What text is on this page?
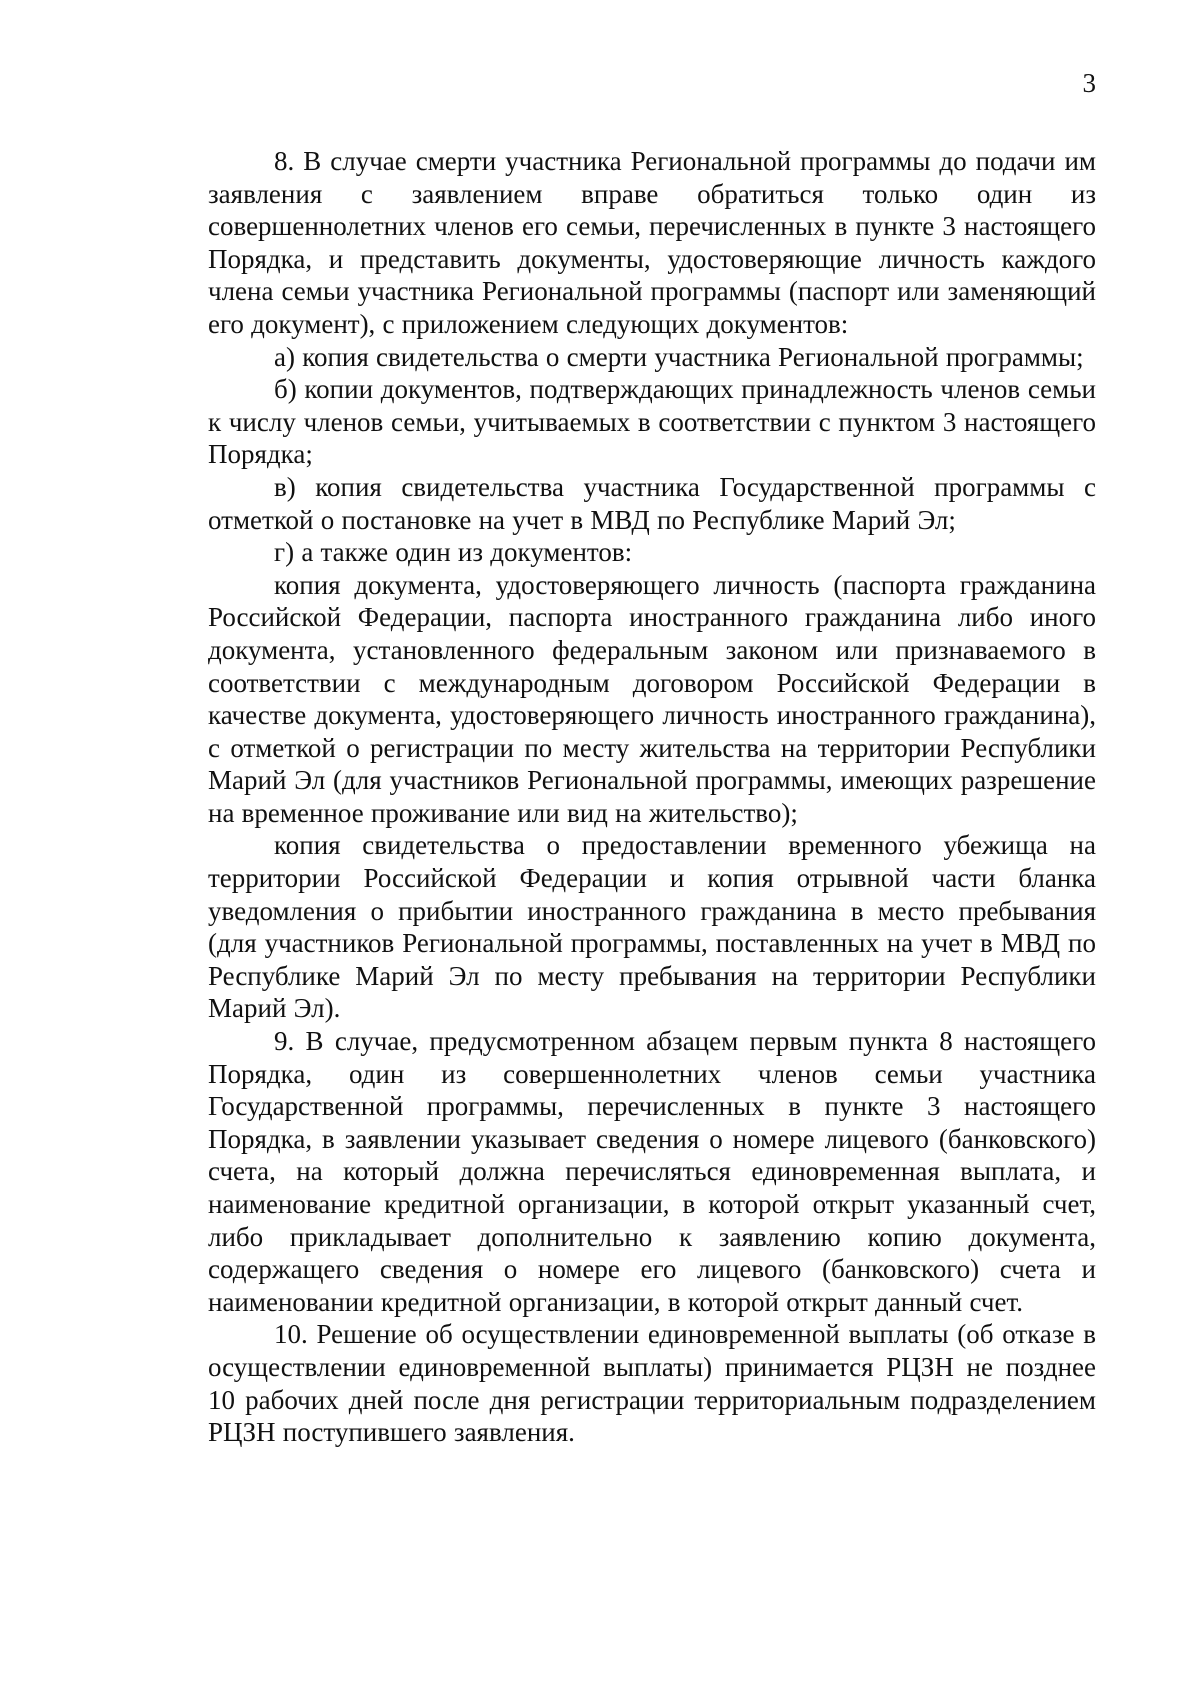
3

8. В случае смерти участника Региональной программы до подачи им заявления с заявлением вправе обратиться только один из совершеннолетних членов его семьи, перечисленных в пункте 3 настоящего Порядка, и представить документы, удостоверяющие личность каждого члена семьи участника Региональной программы (паспорт или заменяющий его документ), с приложением следующих документов:

а) копия свидетельства о смерти участника Региональной программы;

б) копии документов, подтверждающих принадлежность членов семьи к числу членов семьи, учитываемых в соответствии с пунктом 3 настоящего Порядка;

в) копия свидетельства участника Государственной программы с отметкой о постановке на учет в МВД по Республике Марий Эл;

г) а также один из документов:

копия документа, удостоверяющего личность (паспорта гражданина Российской Федерации, паспорта иностранного гражданина либо иного документа, установленного федеральным законом или признаваемого в соответствии с международным договором Российской Федерации в качестве документа, удостоверяющего личность иностранного гражданина), с отметкой о регистрации по месту жительства на территории Республики Марий Эл (для участников Региональной программы, имеющих разрешение на временное проживание или вид на жительство);

копия свидетельства о предоставлении временного убежища на территории Российской Федерации и копия отрывной части бланка уведомления о прибытии иностранного гражданина в место пребывания (для участников Региональной программы, поставленных на учет в МВД по Республике Марий Эл по месту пребывания на территории Республики Марий Эл).

9. В случае, предусмотренном абзацем первым пункта 8 настоящего Порядка, один из совершеннолетних членов семьи участника Государственной программы, перечисленных в пункте 3 настоящего Порядка, в заявлении указывает сведения о номере лицевого (банковского) счета, на который должна перечисляться единовременная выплата, и наименование кредитной организации, в которой открыт указанный счет, либо прикладывает дополнительно к заявлению копию документа, содержащего сведения о номере его лицевого (банковского) счета и наименовании кредитной организации, в которой открыт данный счет.

10. Решение об осуществлении единовременной выплаты (об отказе в осуществлении единовременной выплаты) принимается РЦЗН не позднее 10 рабочих дней после дня регистрации территориальным подразделением РЦЗН поступившего заявления.
